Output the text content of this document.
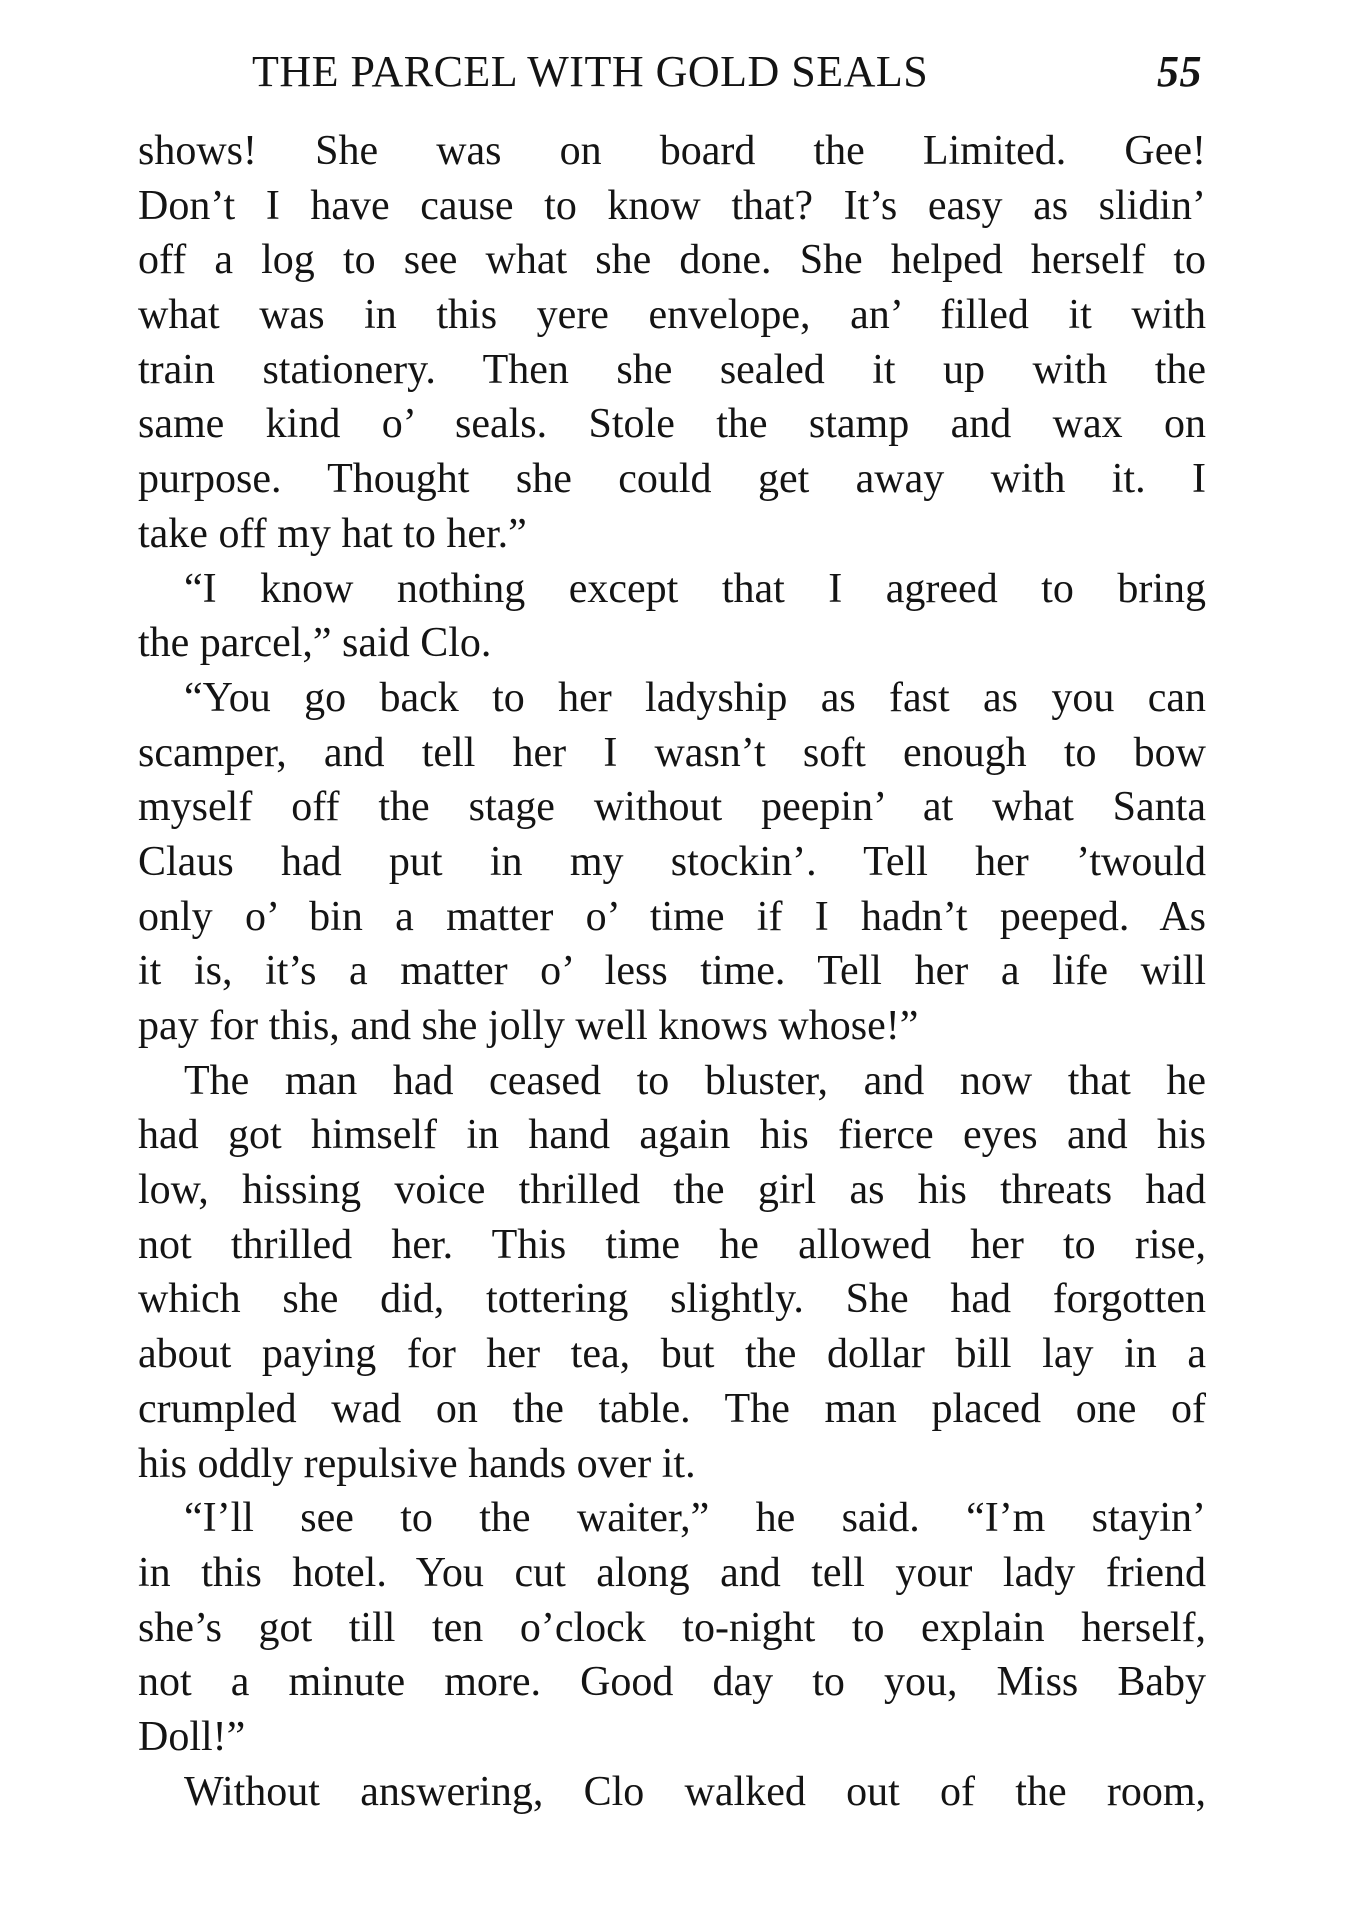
THE PARCEL WITH GOLD SEALS	55
shows! She was on board the Limited. Gee!
Don’t I have cause to know that? It’s easy as slidin’
off a log to see what she done. She helped herself to
what was in this yere envelope, an’ filled it with
train stationery. Then she sealed it up with the
same kind o’ seals. Stole the stamp and wax on
purpose. Thought she could get away with it. I
take off my hat to her.”
“I know nothing except that I agreed to bring
the parcel,” said Clo.
“You go back to her ladyship as fast as you can
scamper, and tell her I wasn’t soft enough to bow
myself off the stage without peepin’ at what Santa
Claus had put in my stockin’. Tell her ’twould
only o’ bin a matter o’ time if I hadn’t peeped. As
it is, it’s a matter o’ less time. Tell her a life will
pay for this, and she jolly well knows whose!”
The man had ceased to bluster, and now that he
had got himself in hand again his fierce eyes and his
low, hissing voice thrilled the girl as his threats had
not thrilled her. This time he allowed her to rise,
which she did, tottering slightly. She had forgotten
about paying for her tea, but the dollar bill lay in a
crumpled wad on the table. The man placed one of
his oddly repulsive hands over it.
“I’ll see to the waiter,” he said. “I’m stayin’
in this hotel. You cut along and tell your lady friend
she’s got till ten o’clock to-night to explain herself,
not a minute more. Good day to you, Miss Baby
Doll!”
Without answering, Clo walked out of the room,
